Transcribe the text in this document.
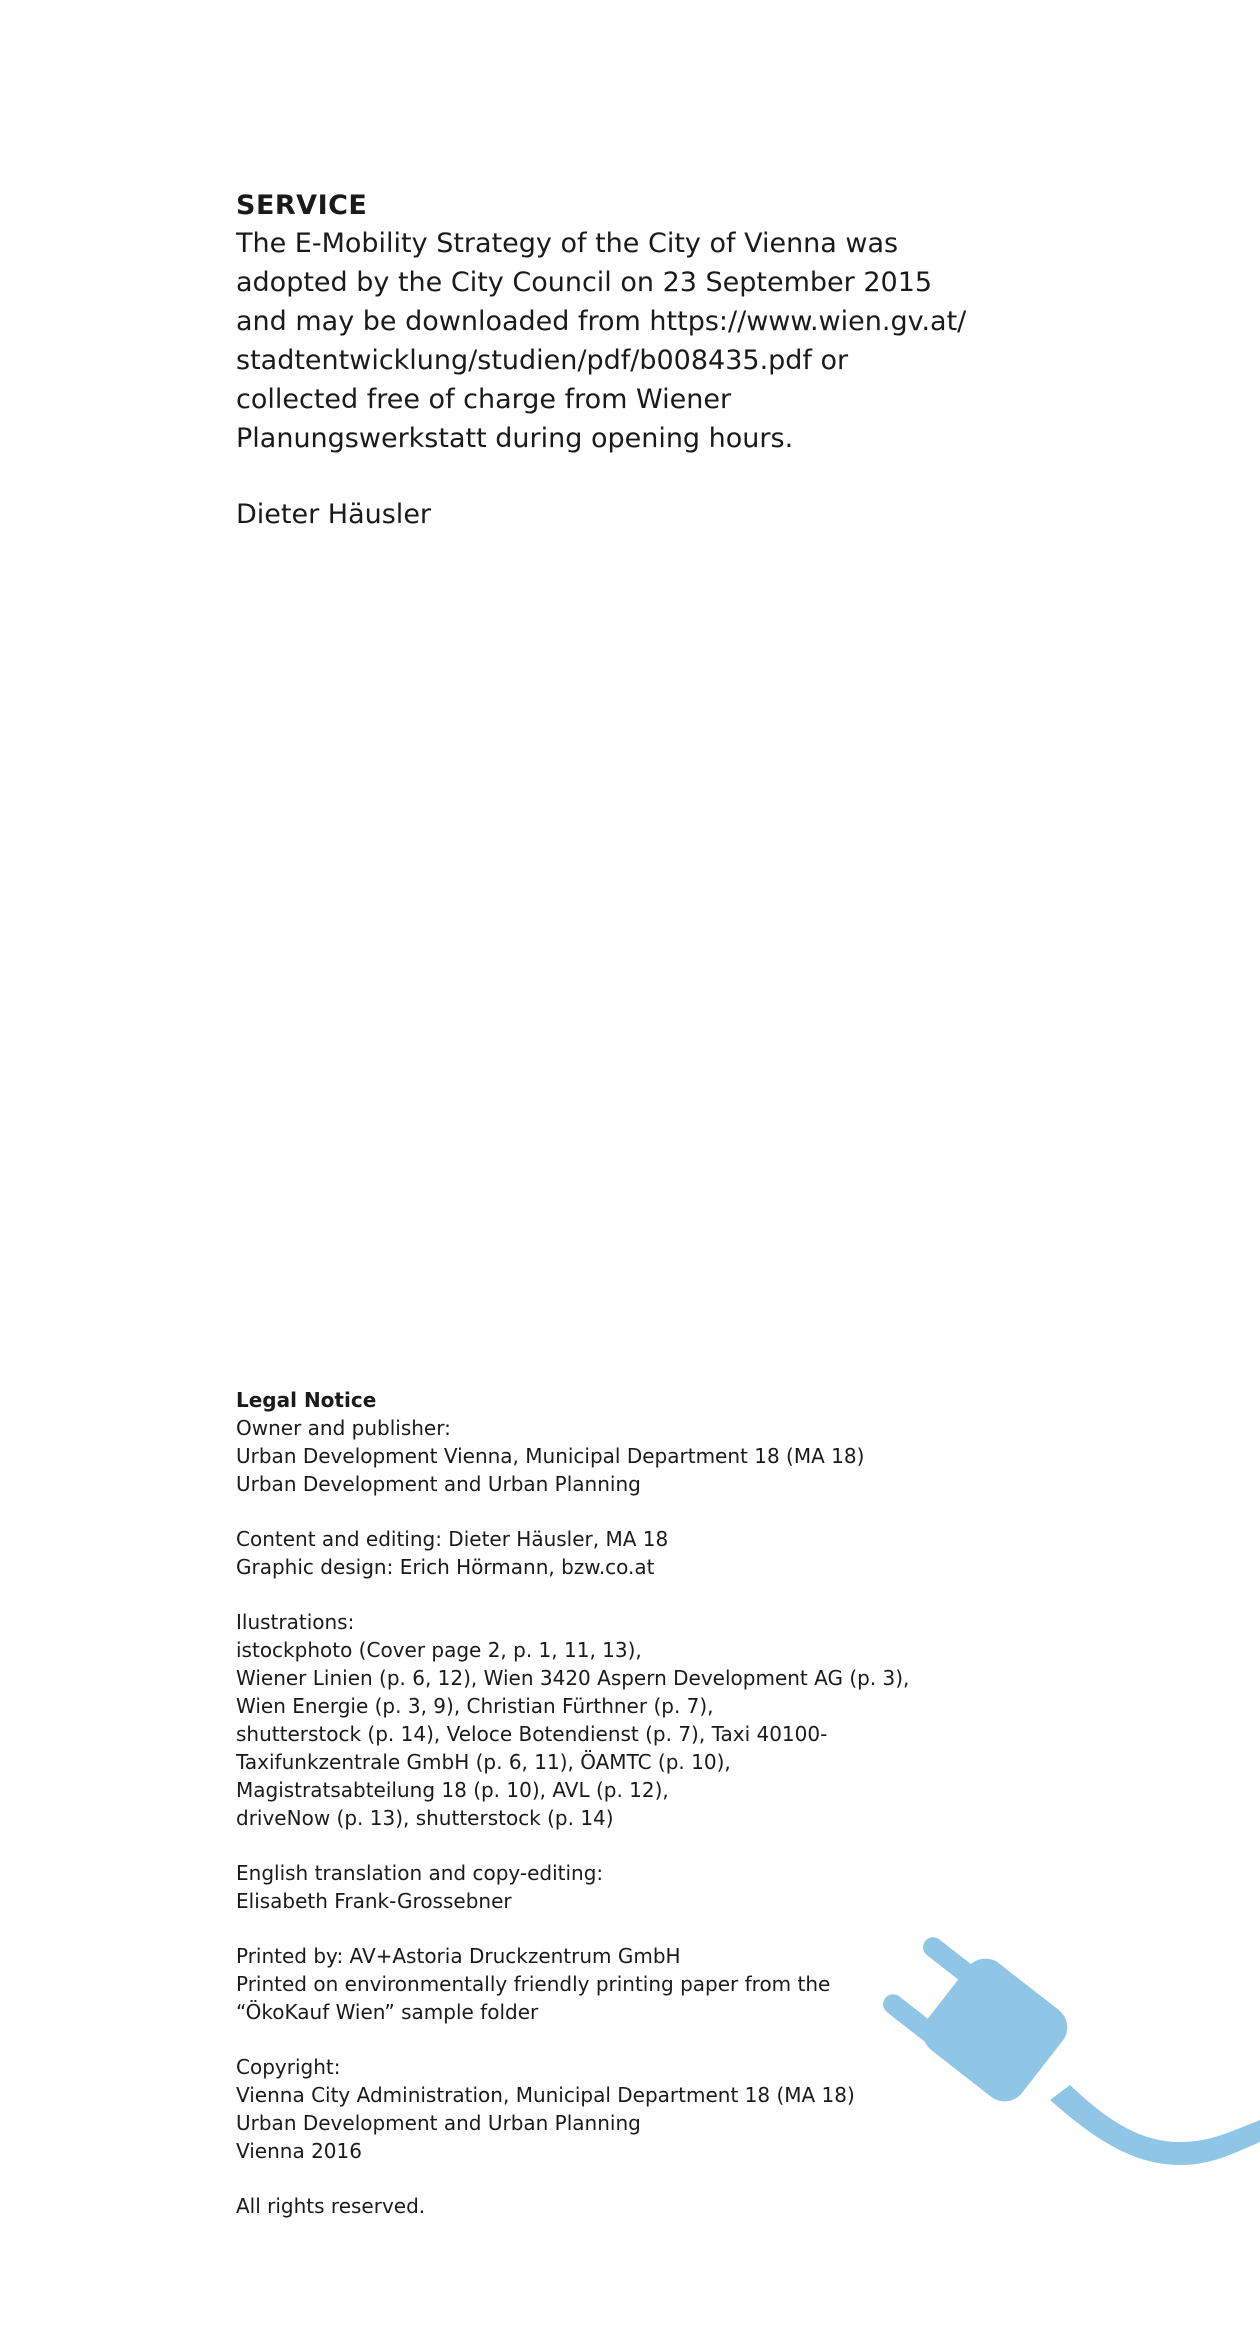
SERVICE
The E-Mobility Strategy of the City of Vienna was
adopted by the City Council on 23 September 2015
and may be downloaded from https://www.wien.gv.at/
stadtentwicklung/studien/pdf/b008435.pdf or
collected free of charge from Wiener
Planungswerkstatt during opening hours.
Dieter Häusler
Legal Notice
Owner and publisher:
Urban Development Vienna, Municipal Department 18 (MA 18)
Urban Development and Urban Planning
Content and editing: Dieter Häusler, MA 18
Graphic design: Erich Hörmann, bzw.co.at
Ilustrations:
istockphoto (Cover page 2, p. 1, 11, 13),
Wiener Linien (p. 6, 12), Wien 3420 Aspern Development AG (p. 3),
Wien Energie (p. 3, 9), Christian Fürthner (p. 7),
shutterstock (p. 14), Veloce Botendienst (p. 7), Taxi 40100-
Taxifunkzentrale GmbH (p. 6, 11), ÖAMTC (p. 10),
Magistratsabteilung 18 (p. 10), AVL (p. 12),
driveNow (p. 13), shutterstock (p. 14)
English translation and copy-editing:
Elisabeth Frank-Grossebner
Printed by: AV+Astoria Druckzentrum GmbH
Printed on environmentally friendly printing paper from the
“ÖkoKauf Wien” sample folder
Copyright:
Vienna City Administration, Municipal Department 18 (MA 18)
Urban Development and Urban Planning
Vienna 2016
All rights reserved.
